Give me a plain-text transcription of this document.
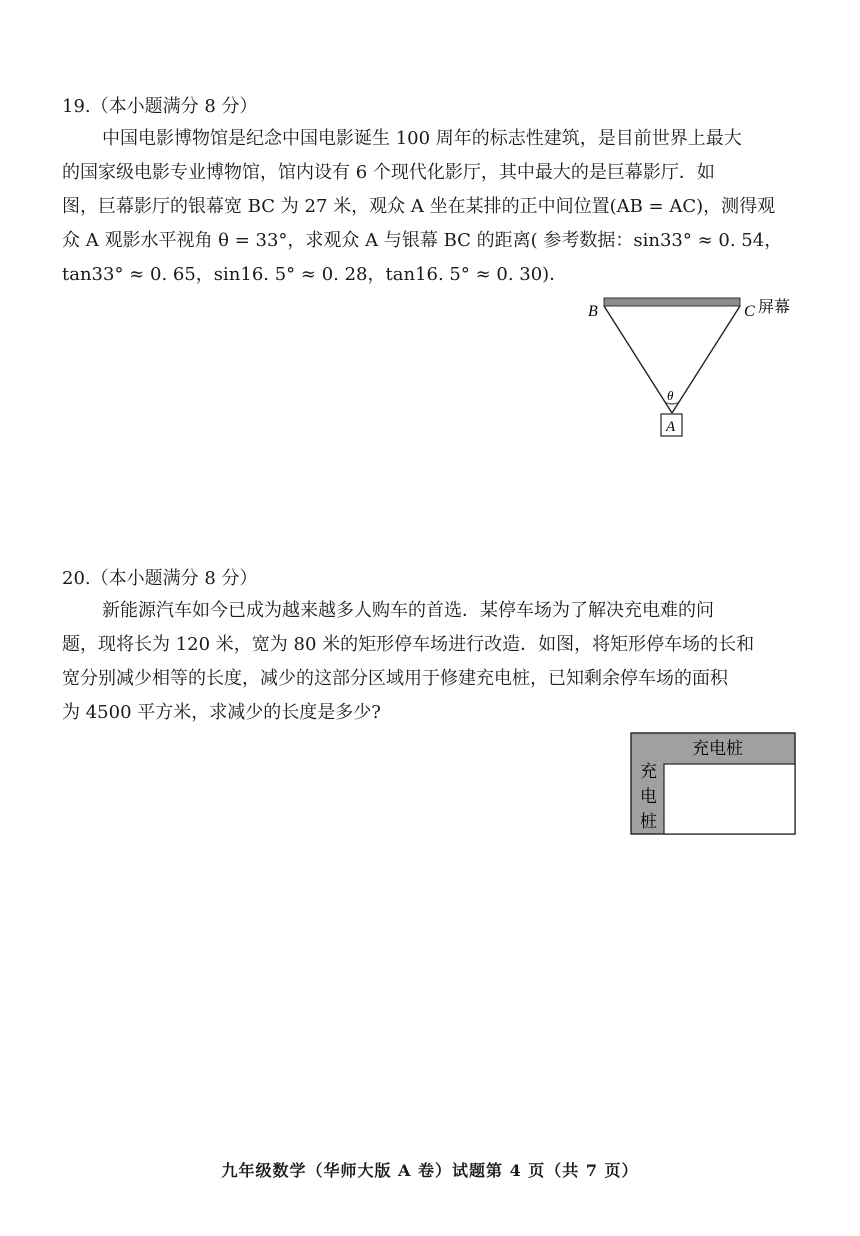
19.（本小题满分 8 分）
中国电影博物馆是纪念中国电影诞生 100 周年的标志性建筑，是目前世界上最大
的国家级电影专业博物馆，馆内设有 6 个现代化影厅，其中最大的是巨幕影厅．如
图，巨幕影厅的银幕宽 BC 为 27 米，观众 A 坐在某排的正中间位置(AB = AC)，测得观
众 A 观影水平视角 θ = 33°，求观众 A 与银幕 BC 的距离( 参考数据：sin33° ≈ 0. 54，
tan33° ≈ 0. 65，sin16. 5° ≈ 0. 28，tan16. 5° ≈ 0. 30)．
B	C 屏幕
θ
A
20.（本小题满分 8 分）
新能源汽车如今已成为越来越多人购车的首选．某停车场为了解决充电难的问
题，现将长为 120 米，宽为 80 米的矩形停车场进行改造．如图，将矩形停车场的长和
宽分别减少相等的长度，减少的这部分区域用于修建充电桩，已知剩余停车场的面积
为 4500 平方米，求减少的长度是多少?
充电桩
充
电
桩
九年级数学（华师大版 A 卷）试题第 4 页（共 7 页）
